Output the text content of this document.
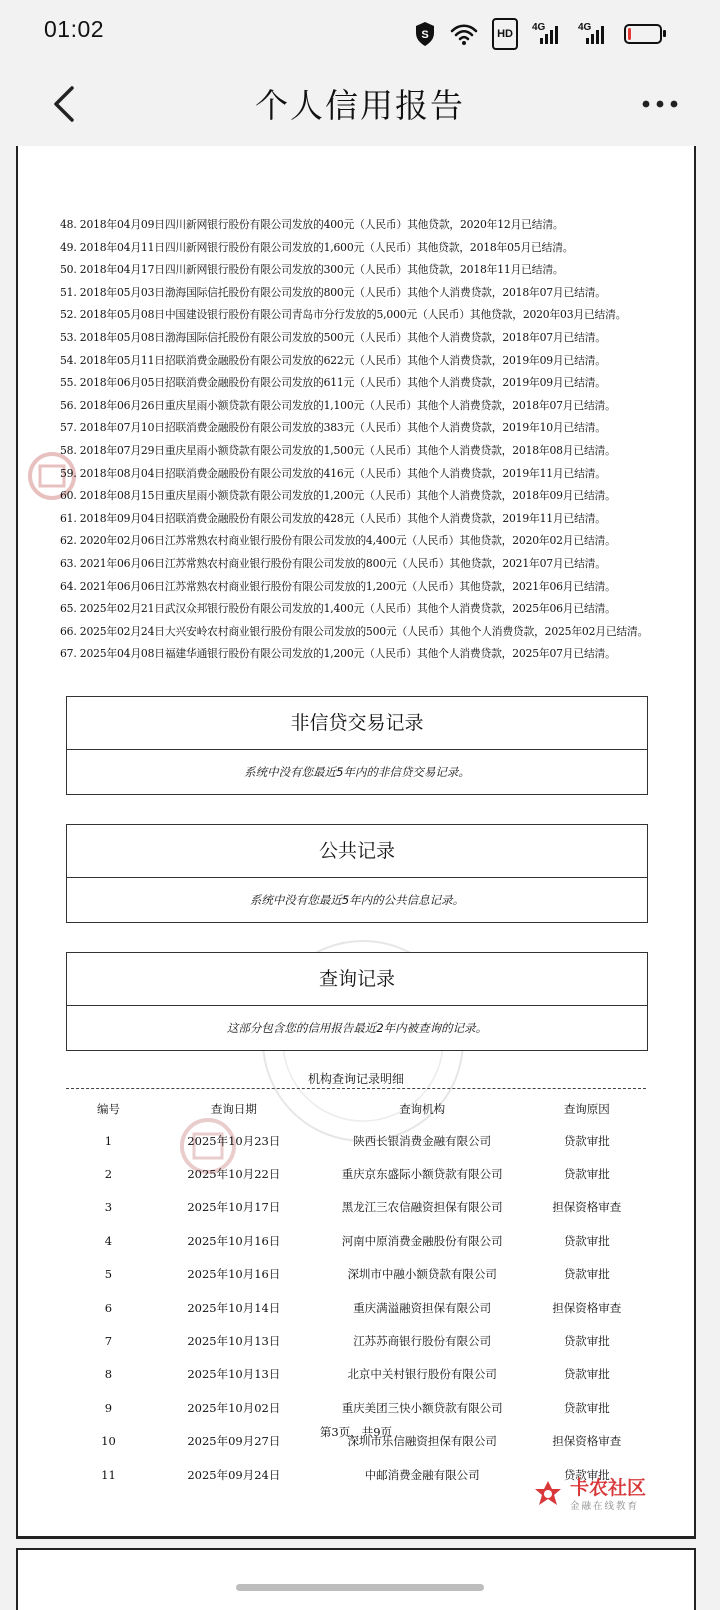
01:02	S	HD
4G	4G
个人信用报告
48. 2018年04月09日四川新网银行股份有限公司发放的400元（人民币）其他贷款，2020年12月已结清。
49. 2018年04月11日四川新网银行股份有限公司发放的1,600元（人民币）其他贷款，2018年05月已结清。
50. 2018年04月17日四川新网银行股份有限公司发放的300元（人民币）其他贷款，2018年11月已结清。
51. 2018年05月03日渤海国际信托股份有限公司发放的800元（人民币）其他个人消费贷款，2018年07月已结清。
52. 2018年05月08日中国建设银行股份有限公司青岛市分行发放的5,000元（人民币）其他贷款，2020年03月已结清。
53. 2018年05月08日渤海国际信托股份有限公司发放的500元（人民币）其他个人消费贷款，2018年07月已结清。
54. 2018年05月11日招联消费金融股份有限公司发放的622元（人民币）其他个人消费贷款，2019年09月已结清。
55. 2018年06月05日招联消费金融股份有限公司发放的611元（人民币）其他个人消费贷款，2019年09月已结清。
56. 2018年06月26日重庆星雨小额贷款有限公司发放的1,100元（人民币）其他个人消费贷款，2018年07月已结清。
57. 2018年07月10日招联消费金融股份有限公司发放的383元（人民币）其他个人消费贷款，2019年10月已结清。
58. 2018年07月29日重庆星雨小额贷款有限公司发放的1,500元（人民币）其他个人消费贷款，2018年08月已结清。
59. 2018年08月04日招联消费金融股份有限公司发放的416元（人民币）其他个人消费贷款，2019年11月已结清。
60. 2018年08月15日重庆星雨小额贷款有限公司发放的1,200元（人民币）其他个人消费贷款，2018年09月已结清。
61. 2018年09月04日招联消费金融股份有限公司发放的428元（人民币）其他个人消费贷款，2019年11月已结清。
62. 2020年02月06日江苏常熟农村商业银行股份有限公司发放的4,400元（人民币）其他贷款，2020年02月已结清。
63. 2021年06月06日江苏常熟农村商业银行股份有限公司发放的800元（人民币）其他贷款，2021年07月已结清。
64. 2021年06月06日江苏常熟农村商业银行股份有限公司发放的1,200元（人民币）其他贷款，2021年06月已结清。
65. 2025年02月21日武汉众邦银行股份有限公司发放的1,400元（人民币）其他个人消费贷款，2025年06月已结清。
66. 2025年02月24日大兴安岭农村商业银行股份有限公司发放的500元（人民币）其他个人消费贷款，2025年02月已结清。
67. 2025年04月08日福建华通银行股份有限公司发放的1,200元（人民币）其他个人消费贷款，2025年07月已结清。
非信贷交易记录
系统中没有您最近5年内的非信贷交易记录。
公共记录
系统中没有您最近5年内的公共信息记录。
查询记录
这部分包含您的信用报告最近2年内被查询的记录。
机构查询记录明细
编号	查询日期	查询机构	查询原因
1	2025年10月23日	陕西长银消费金融有限公司	贷款审批
2	2025年10月22日	重庆京东盛际小额贷款有限公司	贷款审批
3	2025年10月17日	黑龙江三农信融资担保有限公司	担保资格审查
4	2025年10月16日	河南中原消费金融股份有限公司	贷款审批
5	2025年10月16日	深圳市中融小额贷款有限公司	贷款审批
6	2025年10月14日	重庆满溢融资担保有限公司	担保资格审查
7	2025年10月13日	江苏苏商银行股份有限公司	贷款审批
8	2025年10月13日	北京中关村银行股份有限公司	贷款审批
9	2025年10月02日	重庆美团三快小额贷款有限公司	贷款审批
10	2025年09月27日	深圳市乐信融资担保有限公司	担保资格审查
11	2025年09月24日	中邮消费金融有限公司	贷款审批
第3页，共9页
卡农社区
金融在线教育
